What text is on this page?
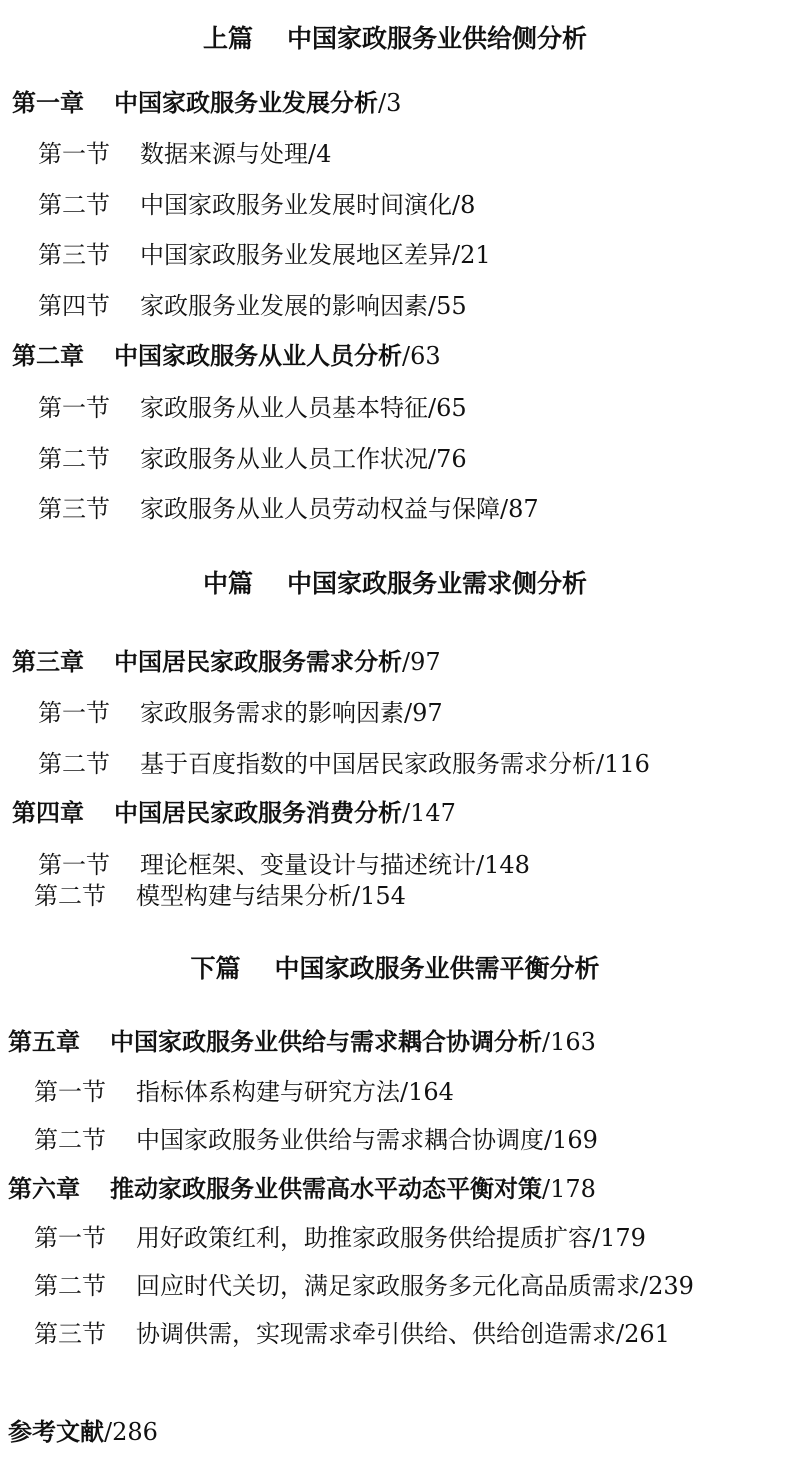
上篇 中国家政服务业供给侧分析
第一章 中国家政服务业发展分析/3
第一节 数据来源与处理/4
第二节 中国家政服务业发展时间演化/8
第三节 中国家政服务业发展地区差异/21
第四节 家政服务业发展的影响因素/55
第二章 中国家政服务从业人员分析/63
第一节 家政服务从业人员基本特征/65
第二节 家政服务从业人员工作状况/76
第三节 家政服务从业人员劳动权益与保障/87
中篇 中国家政服务业需求侧分析
第三章 中国居民家政服务需求分析/97
第一节 家政服务需求的影响因素/97
第二节 基于百度指数的中国居民家政服务需求分析/116
第四章 中国居民家政服务消费分析/147
第一节 理论框架、变量设计与描述统计/148
第二节 模型构建与结果分析/154
下篇 中国家政服务业供需平衡分析
第五章 中国家政服务业供给与需求耦合协调分析/163
第一节 指标体系构建与研究方法/164
第二节 中国家政服务业供给与需求耦合协调度/169
第六章 推动家政服务业供需高水平动态平衡对策/178
第一节 用好政策红利，助推家政服务供给提质扩容/179
第二节 回应时代关切，满足家政服务多元化高品质需求/239
第三节 协调供需，实现需求牵引供给、供给创造需求/261
参考文献/286
